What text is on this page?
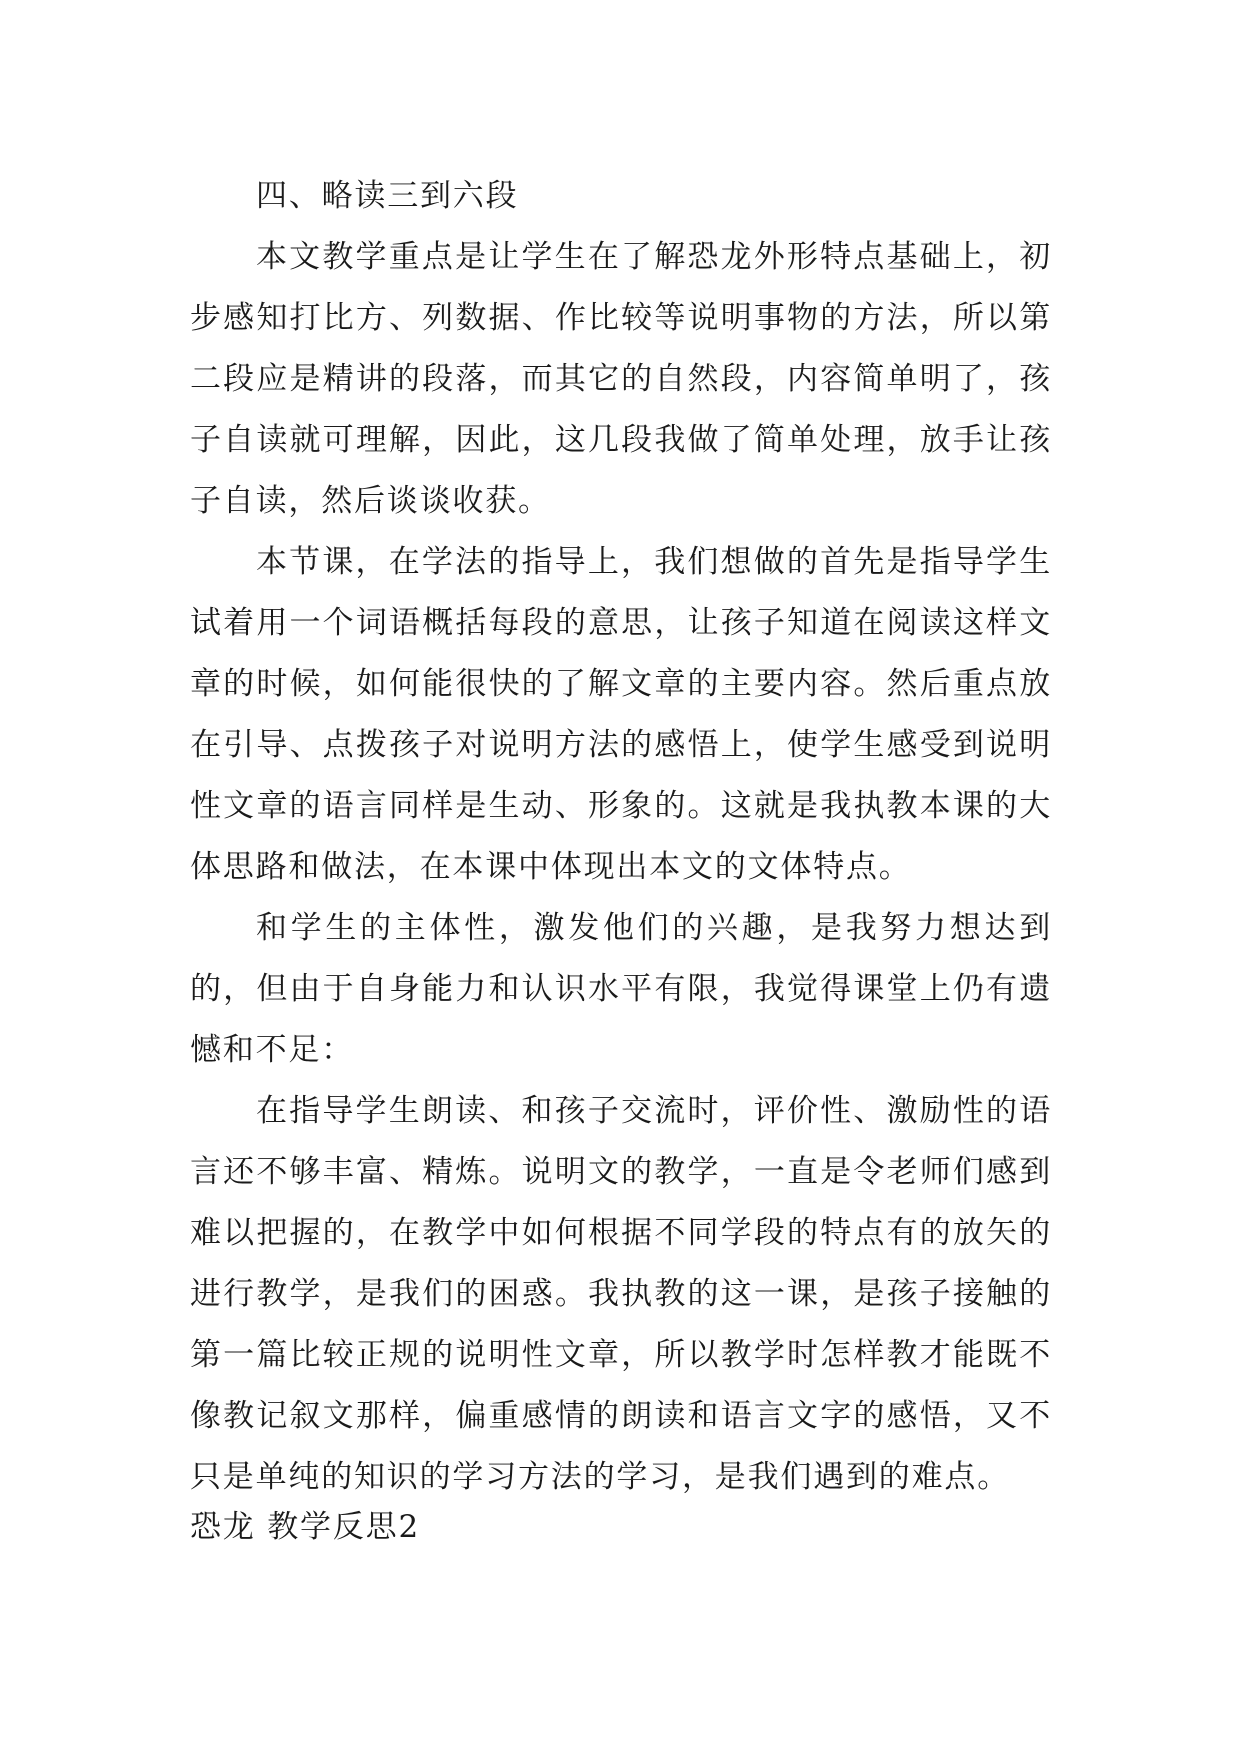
四、略读三到六段

本文教学重点是让学生在了解恐龙外形特点基础上，初步感知打比方、列数据、作比较等说明事物的方法，所以第二段应是精讲的段落，而其它的自然段，内容简单明了，孩子自读就可理解，因此，这几段我做了简单处理，放手让孩子自读，然后谈谈收获。

本节课，在学法的指导上，我们想做的首先是指导学生试着用一个词语概括每段的意思，让孩子知道在阅读这样文章的时候，如何能很快的了解文章的主要内容。然后重点放在引导、点拨孩子对说明方法的感悟上，使学生感受到说明性文章的语言同样是生动、形象的。这就是我执教本课的大体思路和做法，在本课中体现出本文的文体特点。

和学生的主体性，激发他们的兴趣，是我努力想达到的，但由于自身能力和认识水平有限，我觉得课堂上仍有遗憾和不足：

在指导学生朗读、和孩子交流时，评价性、激励性的语言还不够丰富、精炼。说明文的教学，一直是令老师们感到难以把握的，在教学中如何根据不同学段的特点有的放矢的进行教学，是我们的困惑。我执教的这一课，是孩子接触的第一篇比较正规的说明性文章，所以教学时怎样教才能既不像教记叙文那样，偏重感情的朗读和语言文字的感悟，又不只是单纯的知识的学习方法的学习，是我们遇到的难点。

恐龙 教学反思2
